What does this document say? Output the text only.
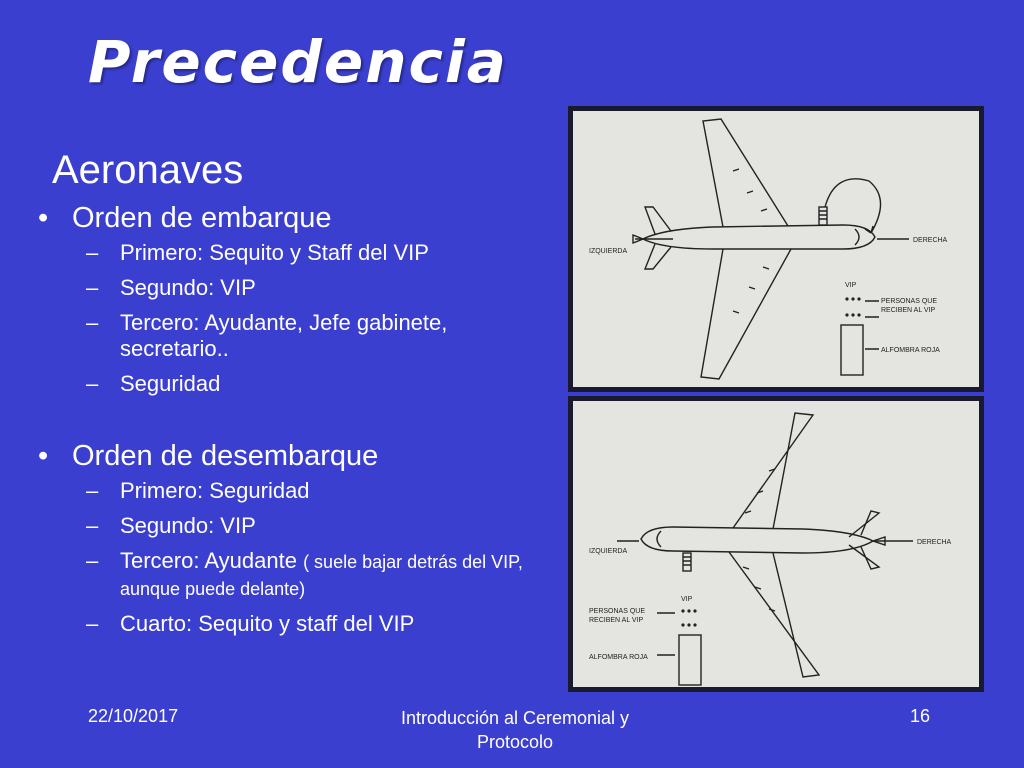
Precedencia
Aeronaves
• Orden de embarque
– Primero: Sequito y Staff del VIP
– Segundo: VIP
– Tercero: Ayudante, Jefe gabinete, secretario..
– Seguridad
• Orden de desembarque
– Primero: Seguridad
– Segundo: VIP
– Tercero: Ayudante ( suele bajar detrás del VIP, aunque puede delante)
– Cuarto: Sequito y staff del VIP
IZQUIERDA
DERECHA
VIP
PERSONAS QUE
RECIBEN AL VIP
ALFOMBRA ROJA
IZQUIERDA
DERECHA
VIP
PERSONAS QUE
RECIBEN AL VIP
ALFOMBRA ROJA
22/10/2017	Introducción al Ceremonial y Protocolo
16
